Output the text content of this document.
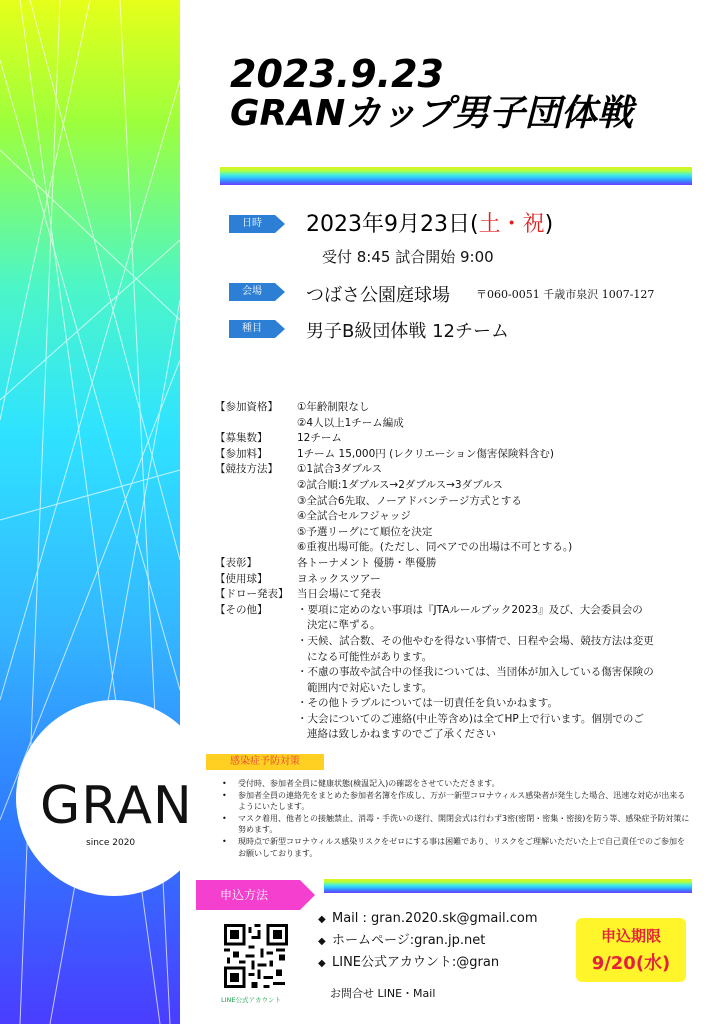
GRAN
since 2020
2023.9.23
GRANカップ男子団体戦
日時	2023年9月23日(土・祝)
受付 8:45 試合開始 9:00
会場	つばさ公園庭球場 〒060-0051 千歳市泉沢 1007-127
種目	男子B級団体戦 12チーム
【参加資格】	①年齢制限なし
②4人以上1チーム編成
【募集数】	12チーム
【参加料】	1チーム 15,000円 (レクリエーション傷害保険料含む)
【競技方法】	①1試合3ダブルス
②試合順:1ダブルス→2ダブルス→3ダブルス
③全試合6先取、ノーアドバンテージ方式とする
④全試合セルフジャッジ
⑤予選リーグにて順位を決定
⑥重複出場可能。(ただし、同ペアでの出場は不可とする。)
【表彰】	各トーナメント 優勝・準優勝
【使用球】	ヨネックスツアー
【ドロー発表】 当日会場にて発表
【その他】	・要項に定めのない事項は『JTAルールブック2023』及び、大会委員会の
決定に準ずる。
・天候、試合数、その他やむを得ない事情で、日程や会場、競技方法は変更
になる可能性があります。
・不慮の事故や試合中の怪我については、当団体が加入している傷害保険の
範囲内で対応いたします。
・その他トラブルについては一切責任を負いかねます。
・大会についてのご連絡(中止等含め)は全てHP上で行います。個別でのご
連絡は致しかねますのでご了承ください
感染症予防対策
• 受付時、参加者全員に健康状態(検温記入)の確認をさせていただきます。
• 参加者全員の連絡先をまとめた参加者名簿を作成し、万が一新型コロナウィルス感染者が発生した場合、迅速な対応が出来るようにいたします。
• マスク着用、他者との接触禁止、消毒・手洗いの遂行、開閉会式は行わず3密(密閉・密集・密接)を防う等、感染症予防対策に努めます。
• 現時点で新型コロナウィルス感染リスクをゼロにする事は困難であり、リスクをご理解いただいた上で自己責任でのご参加をお願いしております。
申込方法
LINE公式アカウント
◆ Mail : gran.2020.sk@gmail.com
◆ ホームページ:gran.jp.net
◆ LINE公式アカウント:@gran
お問合せ LINE・Mail
申込期限
9/20(水)
